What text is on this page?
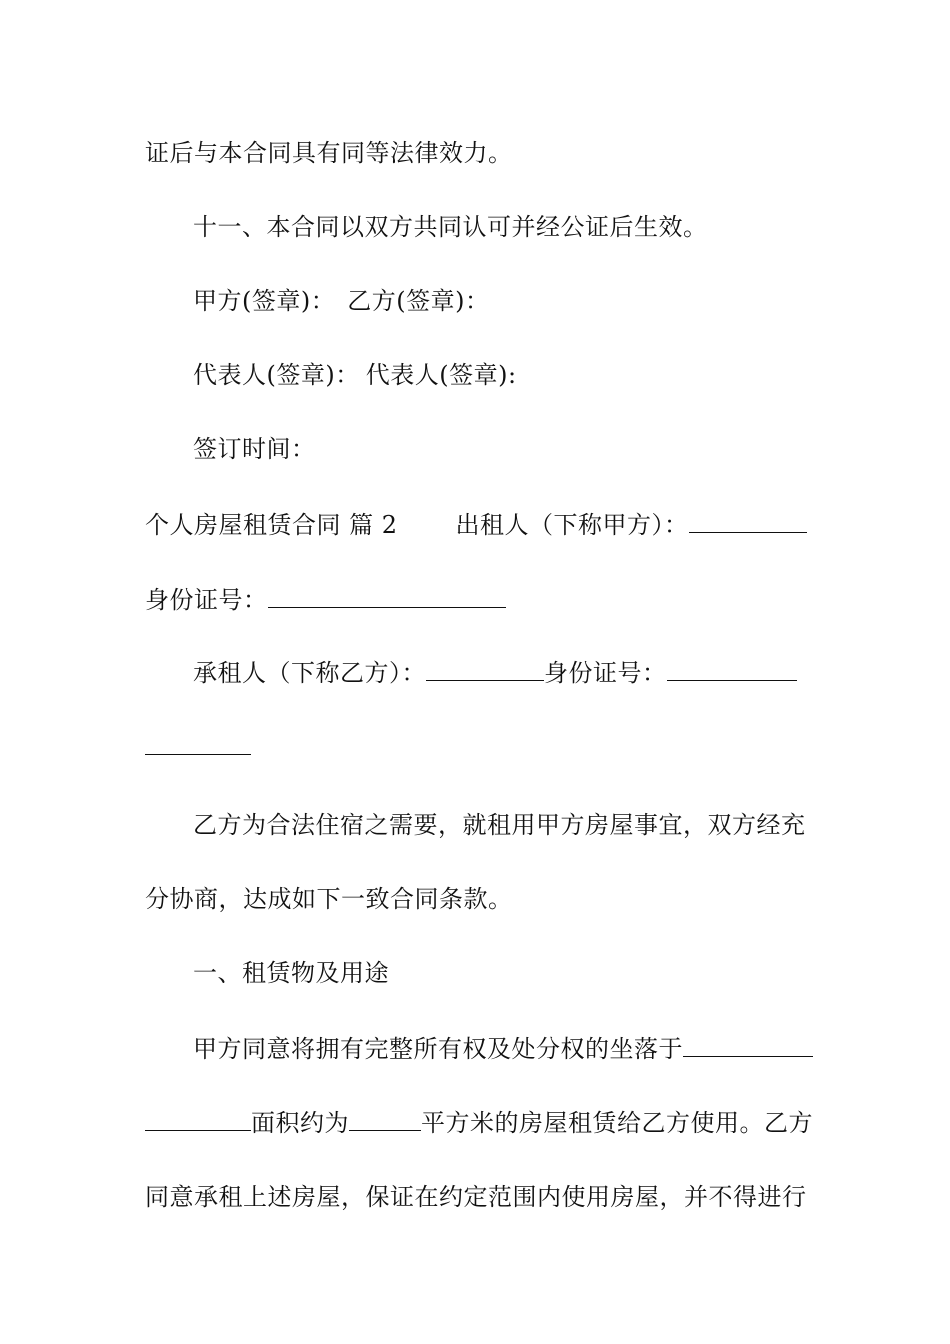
证后与本合同具有同等法律效力。
十一、本合同以双方共同认可并经公证后生效。
甲方(签章)： 乙方(签章)：
代表人(签章)： 代表人(签章):
签订时间：
个人房屋租赁合同 篇 2 出租人（下称甲方）：
身份证号：
承租人（下称乙方）：	身份证号：
乙方为合法住宿之需要，就租用甲方房屋事宜，双方经充
分协商，达成如下一致合同条款。
一、租赁物及用途
甲方同意将拥有完整所有权及处分权的坐落于
面积约为	平方米的房屋租赁给乙方使用。乙方
同意承租上述房屋，保证在约定范围内使用房屋，并不得进行
